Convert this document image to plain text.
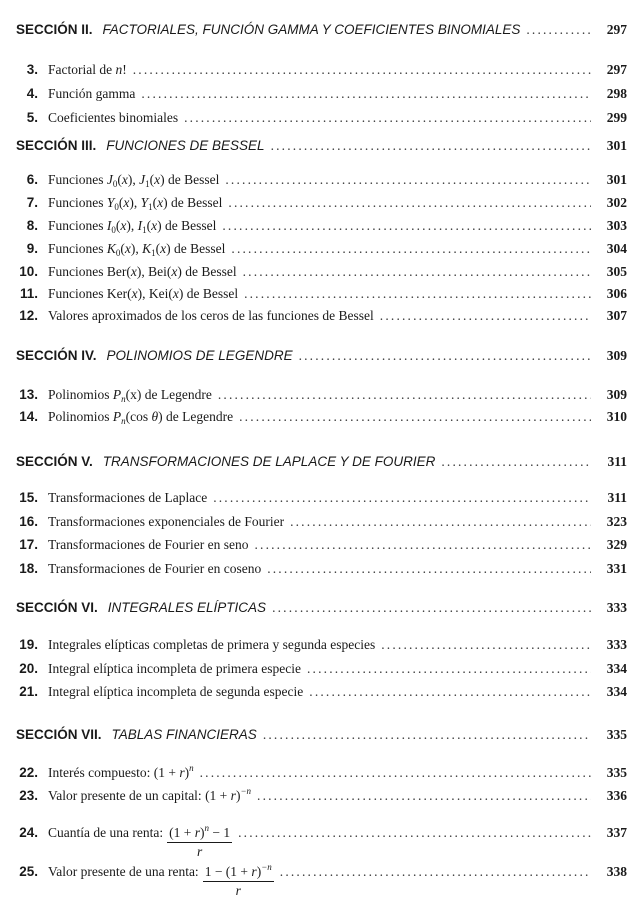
SECCIÓN II. FACTORIALES, FUNCIÓN GAMMA Y COEFICIENTES BINOMIALES . . .	297
3. Factorial de n! . . .	297
4. Función gamma . . .	298
5. Coeficientes binomiales . . .	299
SECCIÓN III. FUNCIONES DE BESSEL . . .	301
6. Funciones $J_0(x)$, $J_1(x)$ de Bessel . . .	301
7. Funciones $Y_0(x)$, $Y_1(x)$ de Bessel . . .	302
8. Funciones $I_0(x)$, $I_1(x)$ de Bessel . . .	303
9. Funciones $K_0(x)$, $K_1(x)$ de Bessel . . .	304
10. Funciones Ber(x), Bei(x) de Bessel . . .	305
11. Funciones Ker(x), Kei(x) de Bessel . . .	306
12. Valores aproximados de los ceros de las funciones de Bessel . . .	307
SECCIÓN IV. POLINOMIOS DE LEGENDRE . . .	309
13. Polinomios $P_n(x)$ de Legendre . . .	309
14. Polinomios $P_n(\cos$ θ) de Legendre . . .	310
SECCIÓN V. TRANSFORMACIONES DE LAPLACE Y DE FOURIER . . .	311
15. Transformaciones de Laplace . . .	311
16. Transformaciones exponenciales de Fourier . . .	323
17. Transformaciones de Fourier en seno . . .	329
18. Transformaciones de Fourier en coseno . . .	331
SECCIÓN VI. INTEGRALES ELÍPTICAS . . .	333
19. Integrales elípticas completas de primera y segunda especies . . .	333
20. Integral elíptica incompleta de primera especie . . .	334
21. Integral elíptica incompleta de segunda especie . . .	334
SECCIÓN VII. TABLAS FINANCIERAS . . .	335
22. Interés compuesto: $(1 + r)^n$ . . .	335
23. Valor presente de un capital: $(1 + r)^{-n}$ . . .	336
24. Cuantía de una renta: $\frac{(1 + r)^n - 1}{r}$ . . .	337
25. Valor presente de una renta: $\frac{1 - (1 + r)^{-n}}{r}$ . . .	338
